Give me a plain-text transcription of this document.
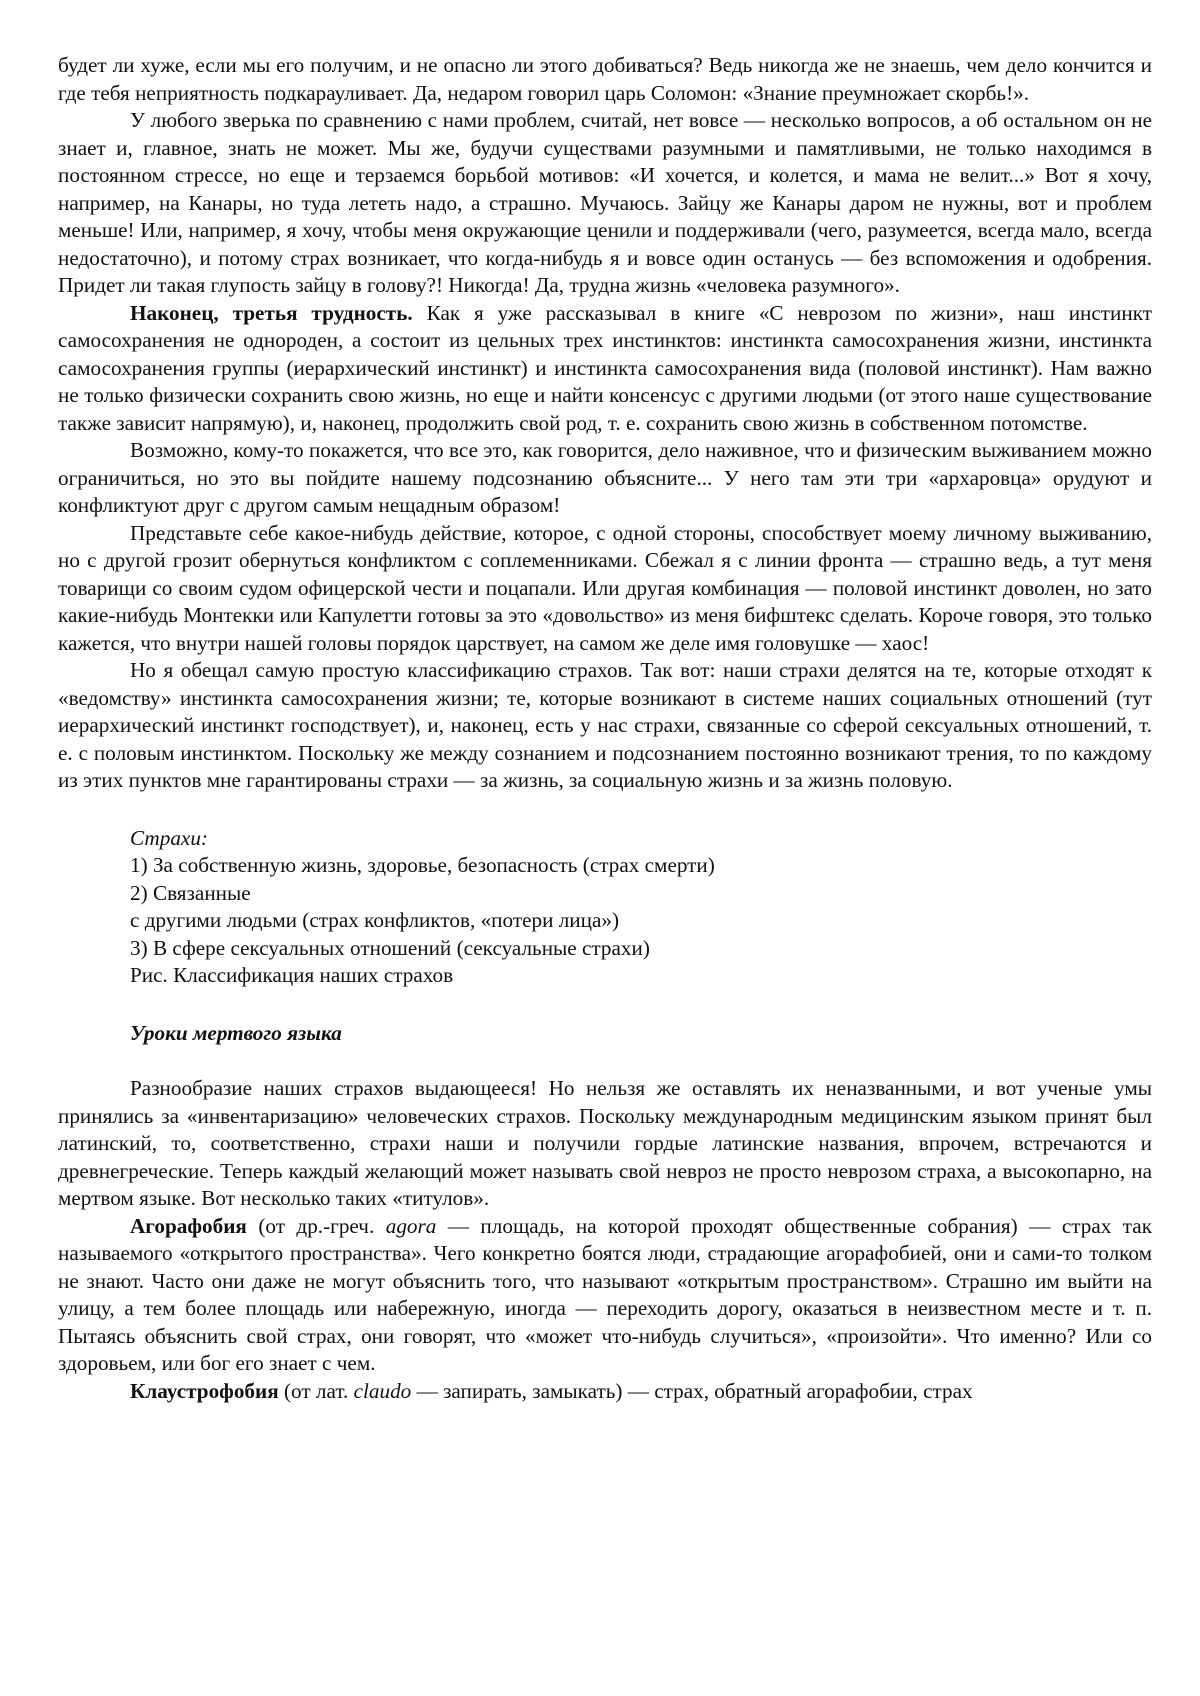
будет ли хуже, если мы его получим, и не опасно ли этого добиваться? Ведь никогда же не знаешь, чем дело кончится и где тебя неприятность подкарауливает. Да, недаром говорил царь Соломон: «Знание преумножает скорбь!».

У любого зверька по сравнению с нами проблем, считай, нет вовсе — несколько вопросов, а об остальном он не знает и, главное, знать не может. Мы же, будучи существами разумными и памятливыми, не только находимся в постоянном стрессе, но еще и терзаемся борьбой мотивов: «И хочется, и колется, и мама не велит...» Вот я хочу, например, на Канары, но туда лететь надо, а страшно. Мучаюсь. Зайцу же Канары даром не нужны, вот и проблем меньше! Или, например, я хочу, чтобы меня окружающие ценили и поддерживали (чего, разумеется, всегда мало, всегда недостаточно), и потому страх возникает, что когда-нибудь я и вовсе один останусь — без вспоможения и одобрения. Придет ли такая глупость зайцу в голову?! Никогда! Да, трудна жизнь «человека разумного».

Наконец, третья трудность. Как я уже рассказывал в книге «С неврозом по жизни», наш инстинкт самосохранения не однороден, а состоит из цельных трех инстинктов: инстинкта самосохранения жизни, инстинкта самосохранения группы (иерархический инстинкт) и инстинкта самосохранения вида (половой инстинкт). Нам важно не только физически сохранить свою жизнь, но еще и найти консенсус с другими людьми (от этого наше существование также зависит напрямую), и, наконец, продолжить свой род, т. е. сохранить свою жизнь в собственном потомстве.

Возможно, кому-то покажется, что все это, как говорится, дело наживное, что и физическим выживанием можно ограничиться, но это вы пойдите нашему подсознанию объясните... У него там эти три «архаровца» орудуют и конфликтуют друг с другом самым нещадным образом!

Представьте себе какое-нибудь действие, которое, с одной стороны, способствует моему личному выживанию, но с другой грозит обернуться конфликтом с соплеменниками. Сбежал я с линии фронта — страшно ведь, а тут меня товарищи со своим судом офицерской чести и поцапали. Или другая комбинация — половой инстинкт доволен, но зато какие-нибудь Монтекки или Капулетти готовы за это «довольство» из меня бифштекс сделать. Короче говоря, это только кажется, что внутри нашей головы порядок царствует, на самом же деле имя головушке — хаос!

Но я обещал самую простую классификацию страхов. Так вот: наши страхи делятся на те, которые отходят к «ведомству» инстинкта самосохранения жизни; те, которые возникают в системе наших социальных отношений (тут иерархический инстинкт господствует), и, наконец, есть у нас страхи, связанные со сферой сексуальных отношений, т. е. с половым инстинктом. Поскольку же между сознанием и подсознанием постоянно возникают трения, то по каждому из этих пунктов мне гарантированы страхи — за жизнь, за социальную жизнь и за жизнь половую.

Страхи:
1) За собственную жизнь, здоровье, безопасность (страх смерти)
2) Связанные
с другими людьми (страх конфликтов, «потери лица»)
3) В сфере сексуальных отношений (сексуальные страхи)
Рис. Классификация наших страхов
Уроки мертвого языка

Разнообразие наших страхов выдающееся! Но нельзя же оставлять их неназванными, и вот ученые умы принялись за «инвентаризацию» человеческих страхов. Поскольку международным медицинским языком принят был латинский, то, соответственно, страхи наши и получили гордые латинские названия, впрочем, встречаются и древнегреческие. Теперь каждый желающий может называть свой невроз не просто неврозом страха, а высокопарно, на мертвом языке. Вот несколько таких «титулов».

Агорафобия (от др.-греч. agora — площадь, на которой проходят общественные собрания) — страх так называемого «открытого пространства». Чего конкретно боятся люди, страдающие агорафобией, они и сами-то толком не знают. Часто они даже не могут объяснить того, что называют «открытым пространством». Страшно им выйти на улицу, а тем более площадь или набережную, иногда — переходить дорогу, оказаться в неизвестном месте и т. п. Пытаясь объяснить свой страх, они говорят, что «может что-нибудь случиться», «произойти». Что именно? Или со здоровьем, или бог его знает с чем.

Клаустрофобия (от лат. claudo — запирать, замыкать) — страх, обратный агорафобии, страх
